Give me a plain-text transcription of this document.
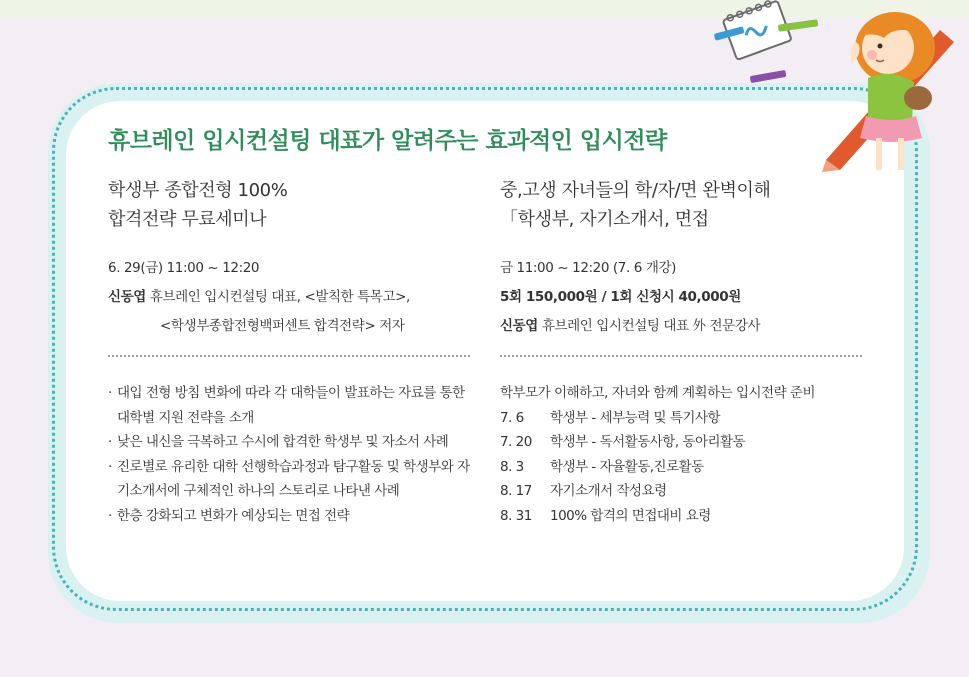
휴브레인 입시컨설팅 대표가 알려주는 효과적인 입시전략
학생부 종합전형 100%
합격전략 무료세미나
6. 29(금) 11:00 ~ 12:20
신동엽 휴브레인 입시컨설팅 대표, <발칙한 특목고>,
<학생부종합전형백퍼센트 합격전략> 저자
· 대입 전형 방침 변화에 따라 각 대학들이 발표하는 자료를 통한 대학별 지원 전략을 소개
· 낮은 내신을 극복하고 수시에 합격한 학생부 및 자소서 사례
· 진로별로 유리한 대학 선행학습과정과 탐구활동 및 학생부와 자기소개서에 구체적인 하나의 스토리로 나타낸 사례
· 한층 강화되고 변화가 예상되는 면접 전략
중,고생 자녀들의 학/자/면 완벽이해
「학생부, 자기소개서, 면접
금 11:00 ~ 12:20 (7. 6 개강)
5회 150,000원 / 1회 신청시 40,000원
신동엽 휴브레인 입시컨설팅 대표 外 전문강사
학부모가 이해하고, 자녀와 함께 계획하는 입시전략 준비
7. 6	학생부 - 세부능력 및 특기사항
7. 20	학생부 - 독서활동사항, 동아리활동
8. 3	학생부 - 자율활동,진로활동
8. 17	자기소개서 작성요령
8. 31	100% 합격의 면접대비 요령
